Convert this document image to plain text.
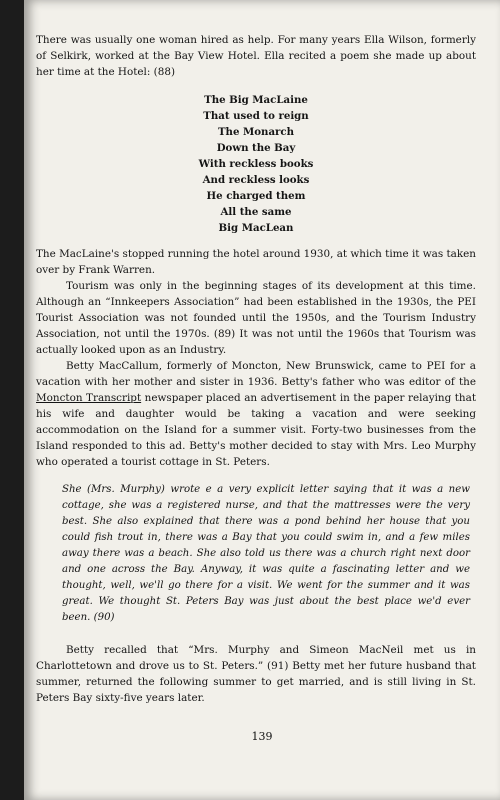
There was usually one woman hired as help. For many years Ella Wilson, formerly of Selkirk, worked at the Bay View Hotel. Ella recited a poem she made up about her time at the Hotel: (88)

The Big MacLaine
That used to reign
The Monarch
Down the Bay
With reckless books
And reckless looks
He charged them
All the same
Big MacLean

The MacLaine's stopped running the hotel around 1930, at which time it was taken over by Frank Warren.

Tourism was only in the beginning stages of its development at this time. Although an “Innkeepers Association” had been established in the 1930s, the PEI Tourist Association was not founded until the 1950s, and the Tourism Industry Association, not until the 1970s. (89) It was not until the 1960s that Tourism was actually looked upon as an Industry.

Betty MacCallum, formerly of Moncton, New Brunswick, came to PEI for a vacation with her mother and sister in 1936. Betty's father who was editor of the Moncton Transcript newspaper placed an advertisement in the paper relaying that his wife and daughter would be taking a vacation and were seeking accommodation on the Island for a summer visit. Forty-two businesses from the Island responded to this ad. Betty's mother decided to stay with Mrs. Leo Murphy who operated a tourist cottage in St. Peters.

She (Mrs. Murphy) wrote e a very explicit letter saying that it was a new cottage, she was a registered nurse, and that the mattresses were the very best. She also explained that there was a pond behind her house that you could fish trout in, there was a Bay that you could swim in, and a few miles away there was a beach. She also told us there was a church right next door and one across the Bay. Anyway, it was quite a fascinating letter and we thought, well, we'll go there for a visit. We went for the summer and it was great. We thought St. Peters Bay was just about the best place we'd ever been. (90)

Betty recalled that “Mrs. Murphy and Simeon MacNeil met us in Charlottetown and drove us to St. Peters.” (91) Betty met her future husband that summer, returned the following summer to get married, and is still living in St. Peters Bay sixty-five years later.

139
